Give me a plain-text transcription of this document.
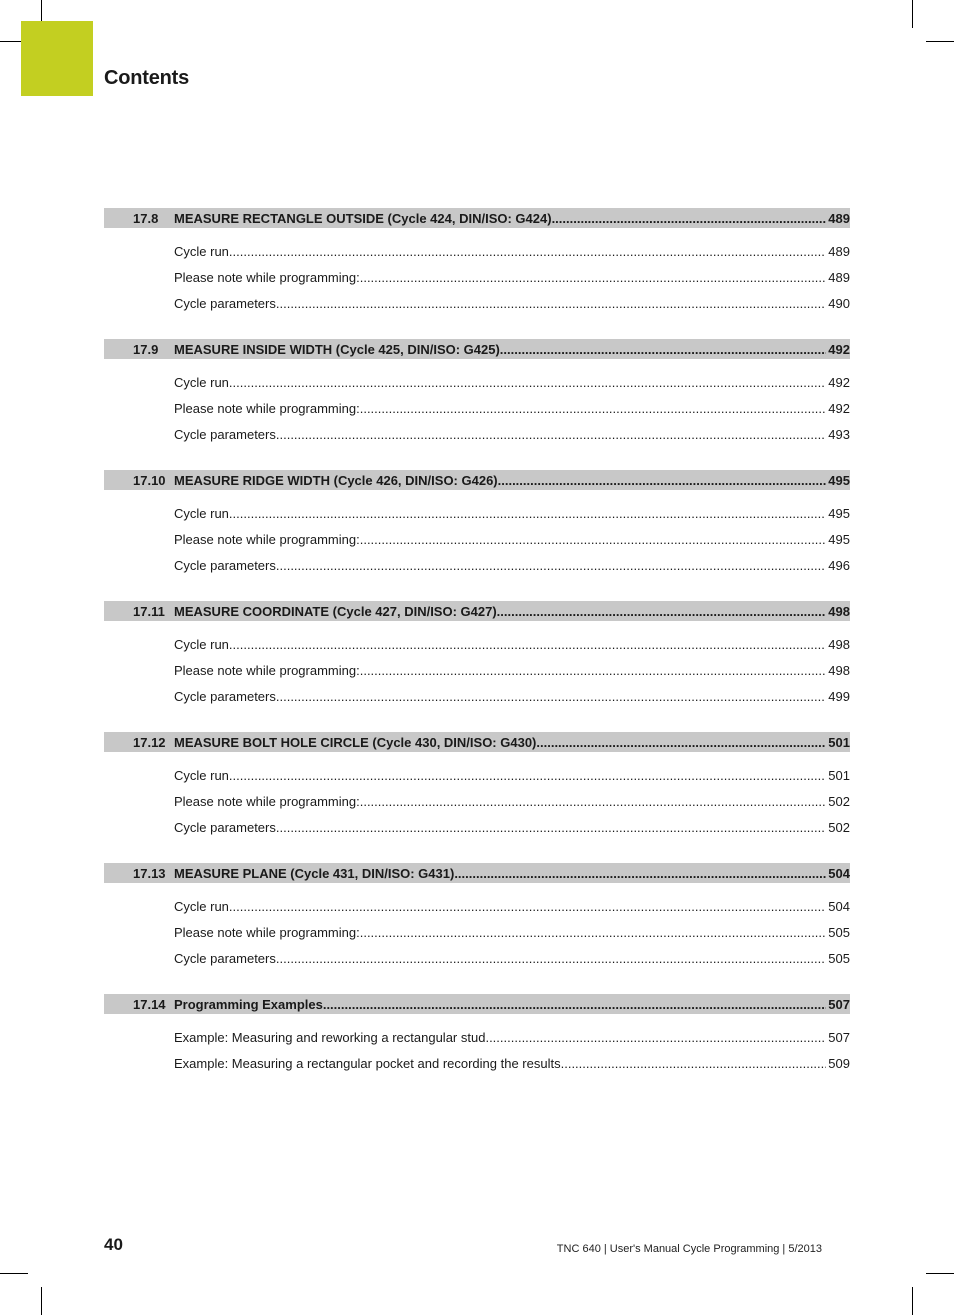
Contents
17.8	MEASURE RECTANGLE OUTSIDE (Cycle 424, DIN/ISO: G424) .....	489
Cycle run .....	489
Please note while programming: .....	489
Cycle parameters .....	490
17.9	MEASURE INSIDE WIDTH (Cycle 425, DIN/ISO: G425) .....	492
Cycle run .....	492
Please note while programming: .....	492
Cycle parameters .....	493
17.10 MEASURE RIDGE WIDTH (Cycle 426, DIN/ISO: G426) .....	495
Cycle run .....	495
Please note while programming: .....	495
Cycle parameters .....	496
17.11 MEASURE COORDINATE (Cycle 427, DIN/ISO: G427) .....	498
Cycle run .....	498
Please note while programming: .....	498
Cycle parameters .....	499
17.12 MEASURE BOLT HOLE CIRCLE (Cycle 430, DIN/ISO: G430) .....	501
Cycle run .....	501
Please note while programming: .....	502
Cycle parameters .....	502
17.13 MEASURE PLANE (Cycle 431, DIN/ISO: G431) .....	504
Cycle run .....	504
Please note while programming: .....	505
Cycle parameters .....	505
17.14 Programming Examples .....	507
Example: Measuring and reworking a rectangular stud .....	507
Example: Measuring a rectangular pocket and recording the results .....	509
40	TNC 640 | User's Manual Cycle Programming | 5/2013
